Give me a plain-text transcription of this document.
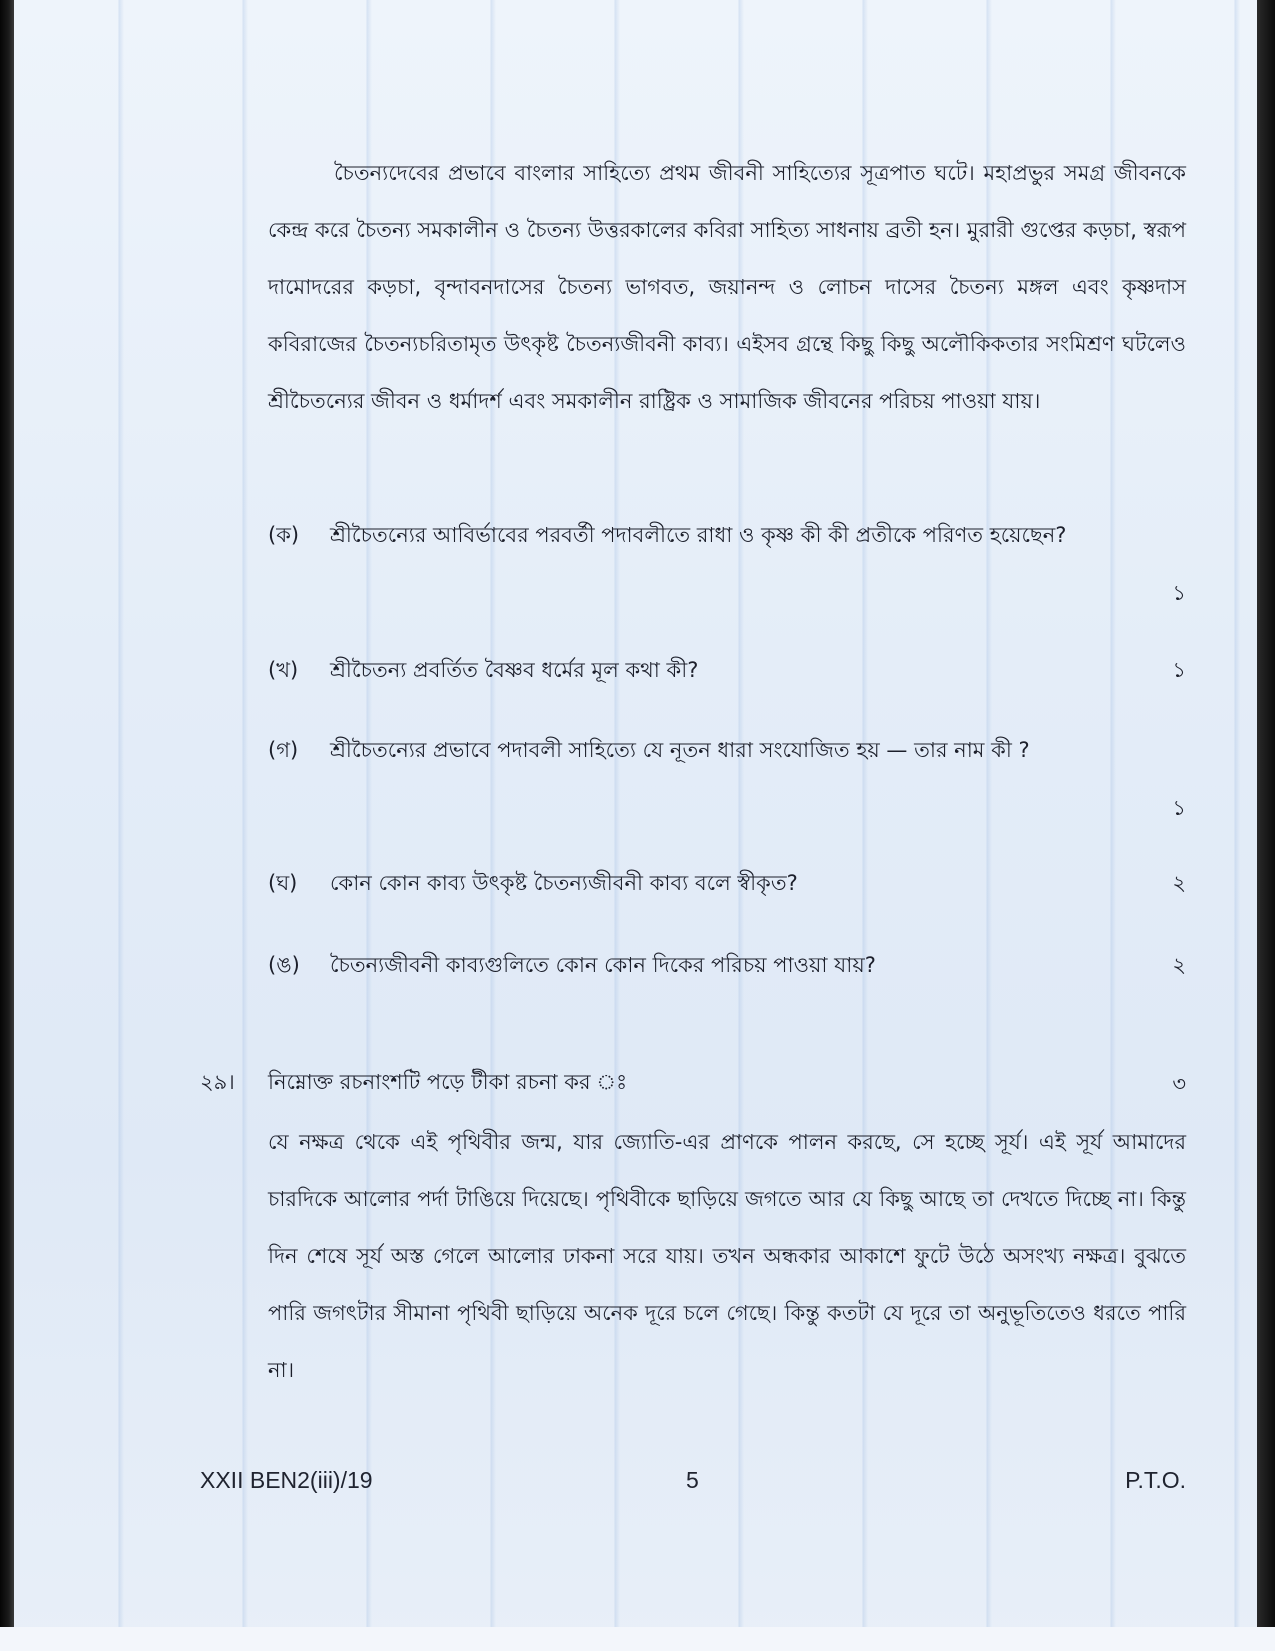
চৈতন্যদেবের প্রভাবে বাংলার সাহিত্যে প্রথম জীবনী সাহিত্যের সূত্রপাত ঘটে। মহাপ্রভুর সমগ্র জীবনকে কেন্দ্র করে চৈতন্য সমকালীন ও চৈতন্য উত্তরকালের কবিরা সাহিত্য সাধনায় ব্রতী হন। মুরারী গুপ্তের কড়চা, স্বরূপ দামোদরের কড়চা, বৃন্দাবনদাসের চৈতন্য ভাগবত, জয়ানন্দ ও লোচন দাসের চৈতন্য মঙ্গল এবং কৃষ্ণদাস কবিরাজের চৈতন্যচরিতামৃত উৎকৃষ্ট চৈতন্যজীবনী কাব্য। এইসব গ্রন্থে কিছু কিছু অলৌকিকতার সংমিশ্রণ ঘটলেও শ্রীচৈতন্যের জীবন ও ধর্মাদর্শ এবং সমকালীন রাষ্ট্রিক ও সামাজিক জীবনের পরিচয় পাওয়া যায়।
(ক) শ্রীচৈতন্যের আবির্ভাবের পরবর্তী পদাবলীতে রাধা ও কৃষ্ণ কী কী প্রতীকে পরিণত হয়েছেন?
১
(খ) শ্রীচৈতন্য প্রবর্তিত বৈষ্ণব ধর্মের মূল কথা কী?	১
(গ) শ্রীচৈতন্যের প্রভাবে পদাবলী সাহিত্যে যে নূতন ধারা সংযোজিত হয় — তার নাম কী ?
১
(ঘ) কোন কোন কাব্য উৎকৃষ্ট চৈতন্যজীবনী কাব্য বলে স্বীকৃত?	২
(ঙ) চৈতন্যজীবনী কাব্যগুলিতে কোন কোন দিকের পরিচয় পাওয়া যায়?	২
২৯। নিম্নোক্ত রচনাংশটি পড়ে টীকা রচনা কর ঃ	৩
যে নক্ষত্র থেকে এই পৃথিবীর জন্ম, যার জ্যোতি-এর প্রাণকে পালন করছে, সে হচ্ছে সূর্য। এই সূর্য আমাদের চারদিকে আলোর পর্দা টাঙিয়ে দিয়েছে। পৃথিবীকে ছাড়িয়ে জগতে আর যে কিছু আছে তা দেখতে দিচ্ছে না। কিন্তু দিন শেষে সূর্য অস্ত গেলে আলোর ঢাকনা সরে যায়। তখন অন্ধকার আকাশে ফুটে উঠে অসংখ্য নক্ষত্র। বুঝতে পারি জগৎটার সীমানা পৃথিবী ছাড়িয়ে অনেক দূরে চলে গেছে। কিন্তু কতটা যে দূরে তা অনুভূতিতেও ধরতে পারি না।
XXII BEN2(iii)/19	5	P.T.O.
